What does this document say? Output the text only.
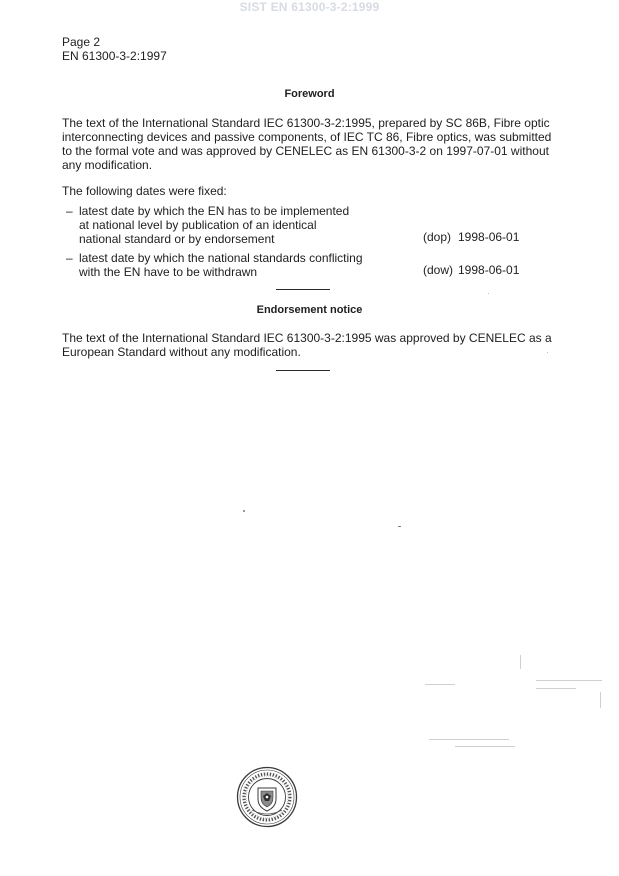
SIST EN 61300-3-2:1999
Page 2
EN 61300-3-2:1997
Foreword
The text of the International Standard IEC 61300-3-2:1995, prepared by SC 86B, Fibre optic
interconnecting devices and passive components, of IEC TC 86, Fibre optics, was submitted
to the formal vote and was approved by CENELEC as EN 61300-3-2 on 1997-07-01 without
any modification.
The following dates were fixed:
– latest date by which the EN has to be implemented
at national level by publication of an identical
national standard or by endorsement	(dop) 1998-06-01
– latest date by which the national standards conflicting
with the EN have to be withdrawn	(dow) 1998-06-01
Endorsement notice
The text of the International Standard IEC 61300-3-2:1995 was approved by CENELEC as a
European Standard without any modification.
